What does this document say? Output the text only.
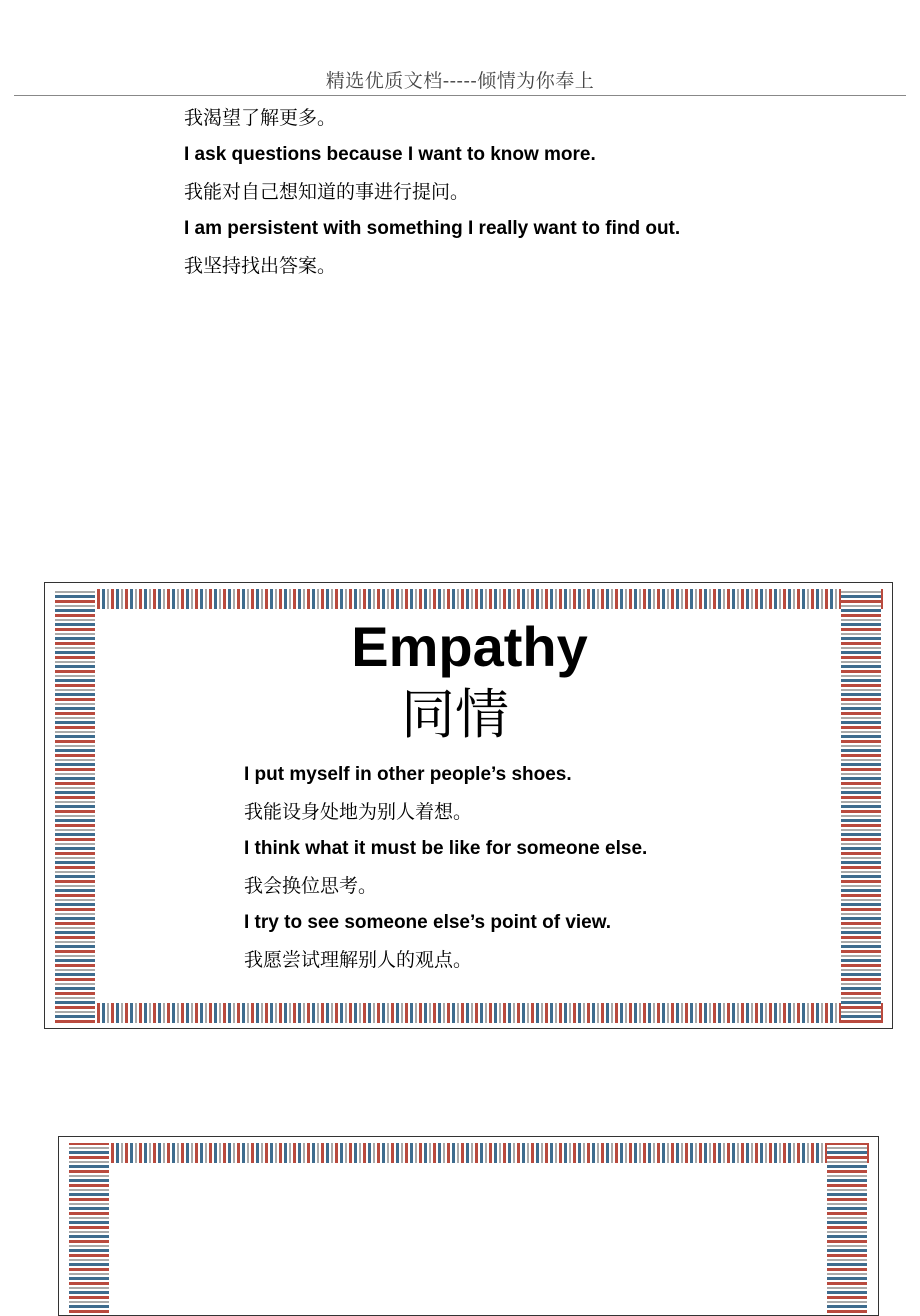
精选优质文档-----倾情为你奉上
我渴望了解更多。
I ask questions because I want to know more.
我能对自己想知道的事进行提问。
I am persistent with something I really want to find out.
我坚持找出答案。
Empathy
同情
I put myself in other people’s shoes.
我能设身处地为别人着想。
I think what it must be like for someone else.
我会换位思考。
I try to see someone else’s point of view.
我愿尝试理解别人的观点。
